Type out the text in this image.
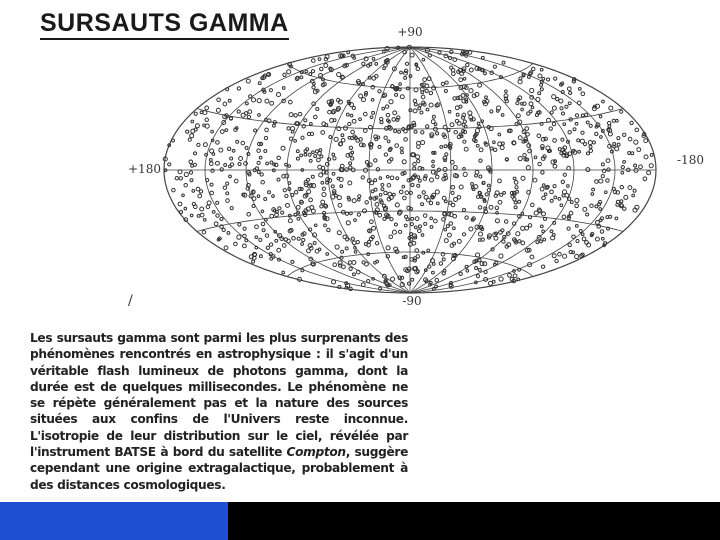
SURSAUTS GAMMA	+90
-90
+180
-180
/

Les sursauts gamma sont parmi les plus surprenants des phénomènes rencontrés en astrophysique : il s'agit d'un véritable flash lumineux de photons gamma, dont la durée est de quelques millisecondes. Le phénomène ne se répète généralement pas et la nature des sources situées aux confins de l'Univers reste inconnue. L'isotropie de leur distribution sur le ciel, révélée par l'instrument BATSE à bord du satellite Compton, suggère cependant une origine extragalactique, probablement à des distances cosmologiques.	17
